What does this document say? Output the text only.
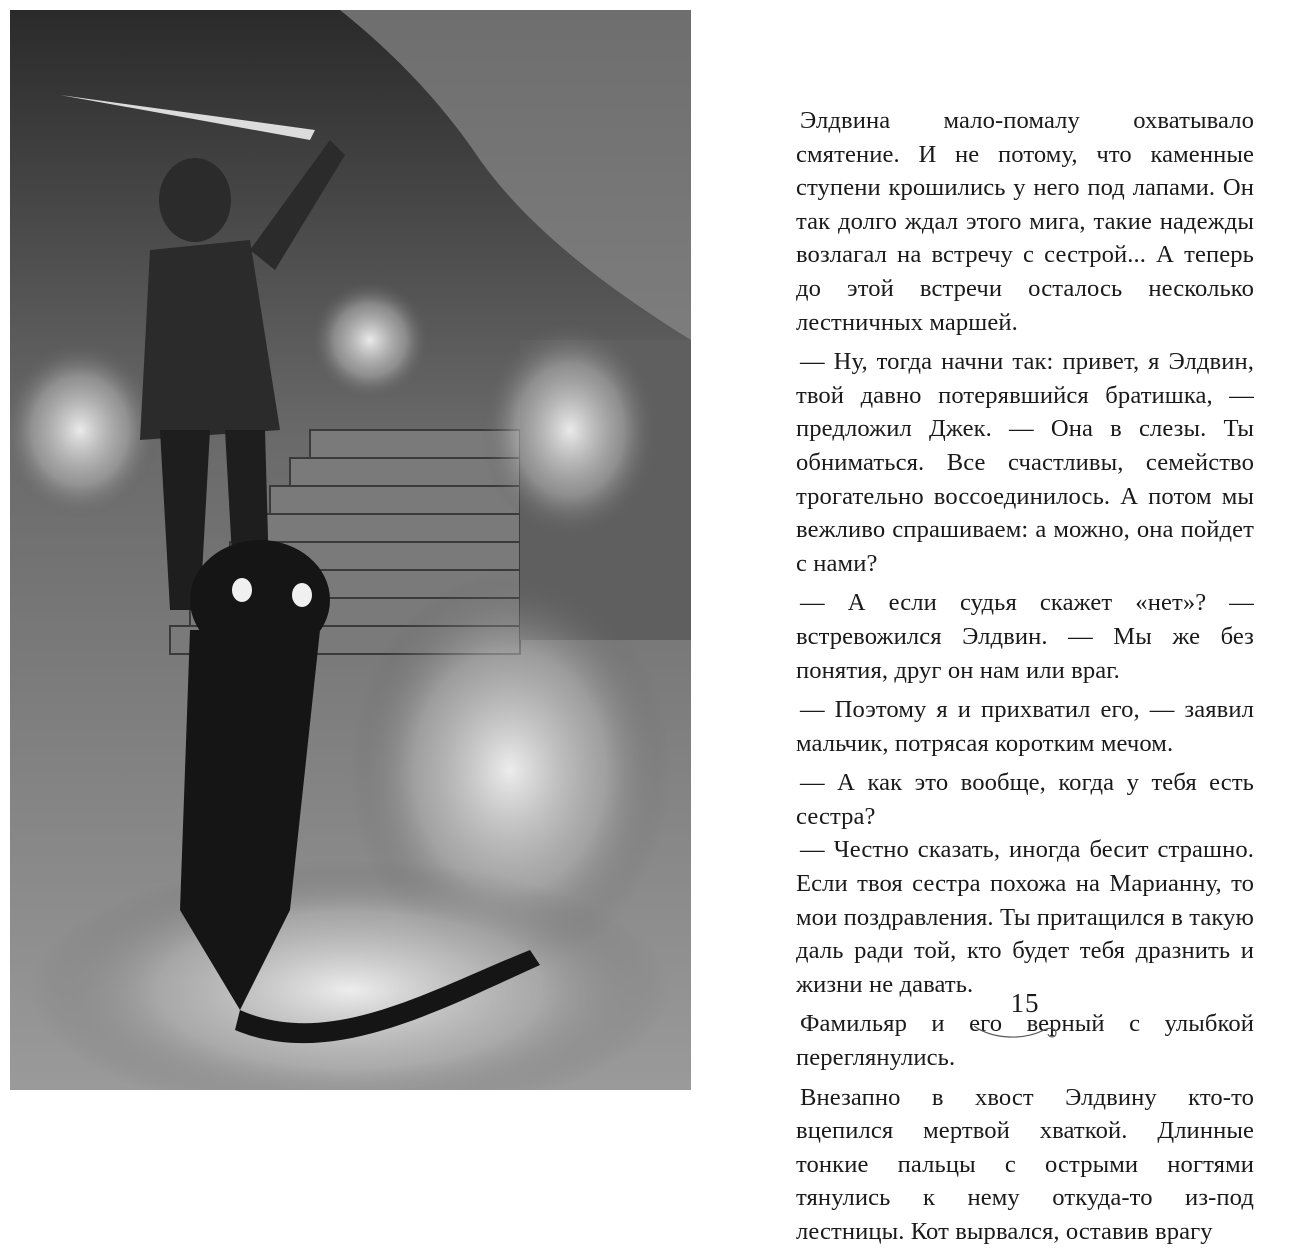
Элдвина мало-помалу охватывало смятение. И не потому, что каменные ступени крошились у него под лапами. Он так долго ждал этого мига, такие надежды возлагал на встречу с сестрой... А теперь до этой встречи осталось несколько лестничных маршей.

— Ну, тогда начни так: привет, я Элдвин, твой давно потерявшийся братишка, — предложил Джек. — Она в слезы. Ты обниматься. Все счастливы, семейство трогательно воссоединилось. А потом мы вежливо спрашиваем: а можно, она пойдет с нами?

— А если судья скажет «нет»? — встревожился Элдвин. — Мы же без понятия, друг он нам или враг.

— Поэтому я и прихватил его, — заявил мальчик, потрясая коротким мечом.

— А как это вообще, когда у тебя есть сестра?

— Честно сказать, иногда бесит страшно. Если твоя сестра похожа на Марианну, то мои поздравления. Ты притащился в такую даль ради той, кто будет тебя дразнить и жизни не давать.

Фамильяр и его верный с улыбкой переглянулись.

Внезапно в хвост Элдвину кто-то вцепился мертвой хваткой. Длинные тонкие пальцы с острыми ногтями тянулись к нему откуда-то из-под лестницы. Кот вырвался, оставив врагу

15
